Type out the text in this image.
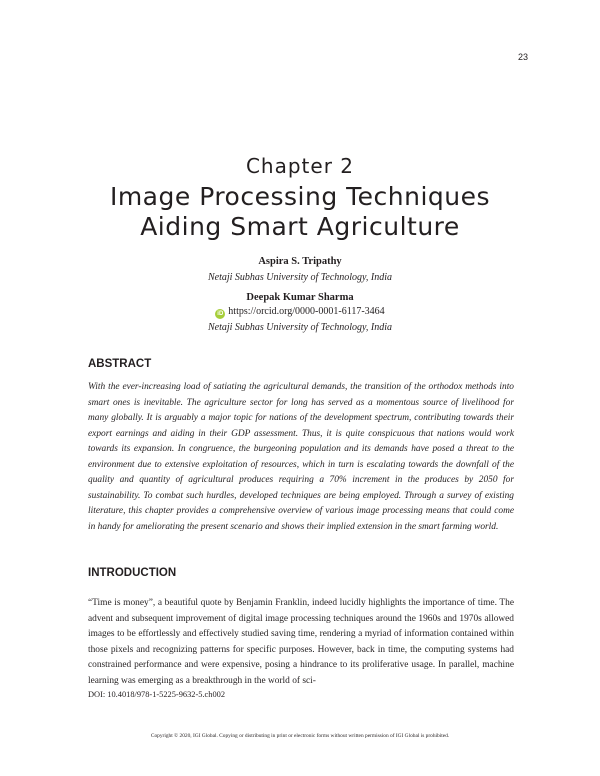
23
Chapter 2
Image Processing Techniques
Aiding Smart Agriculture
Aspira S. Tripathy
Netaji Subhas University of Technology, India
Deepak Kumar Sharma
iD https://orcid.org/0000-0001-6117-3464
Netaji Subhas University of Technology, India
ABSTRACT

With the ever-increasing load of satiating the agricultural demands, the transition of the orthodox methods into smart ones is inevitable. The agriculture sector for long has served as a momentous source of livelihood for many globally. It is arguably a major topic for nations of the development spectrum, contributing towards their export earnings and aiding in their GDP assessment. Thus, it is quite conspicuous that nations would work towards its expansion. In congruence, the burgeoning population and its demands have posed a threat to the environment due to extensive exploitation of resources, which in turn is escalating towards the downfall of the quality and quantity of agricultural produces requiring a 70% increment in the produces by 2050 for sustainability. To combat such hurdles, developed techniques are being employed. Through a survey of existing literature, this chapter provides a comprehensive overview of various image processing means that could come in handy for ameliorating the present scenario and shows their implied extension in the smart farming world.

INTRODUCTION

“Time is money”, a beautiful quote by Benjamin Franklin, indeed lucidly highlights the importance of time. The advent and subsequent improvement of digital image processing techniques around the 1960s and 1970s allowed images to be effortlessly and effectively studied saving time, rendering a myriad of information contained within those pixels and recognizing patterns for specific purposes. However, back in time, the computing systems had constrained performance and were expensive, posing a hindrance to its proliferative usage. In parallel, machine learning was emerging as a breakthrough in the world of sci-

DOI: 10.4018/978-1-5225-9632-5.ch002
Copyright © 2020, IGI Global. Copying or distributing in print or electronic forms without written permission of IGI Global is prohibited.
